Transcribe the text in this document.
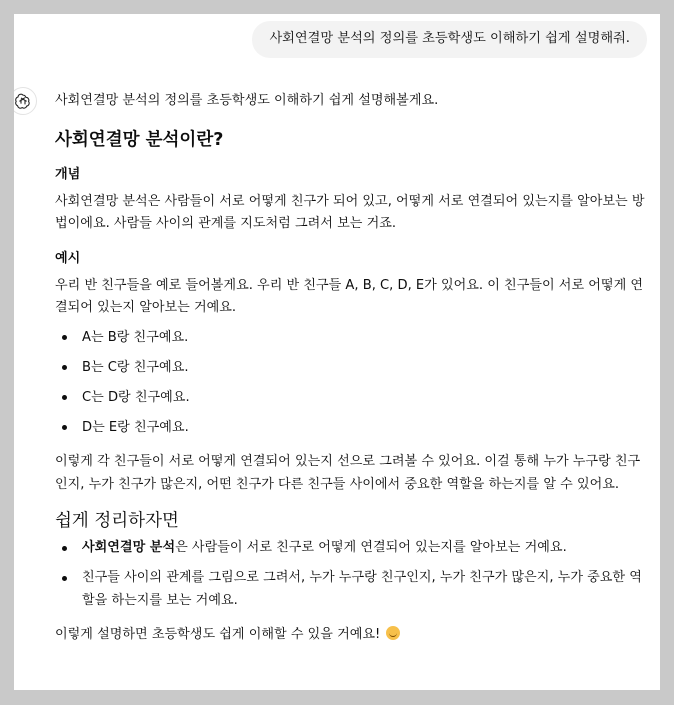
사회연결망 분석의 정의를 초등학생도 이해하기 쉽게 설명해줘.

사회연결망 분석의 정의를 초등학생도 이해하기 쉽게 설명해볼게요.

사회연결망 분석이란?
개념

사회연결망 분석은 사람들이 서로 어떻게 친구가 되어 있고, 어떻게 서로 연결되어 있는지를 알아보는 방법이에요. 사람들 사이의 관계를 지도처럼 그려서 보는 거죠.

예시

우리 반 친구들을 예로 들어볼게요. 우리 반 친구들 A, B, C, D, E가 있어요. 이 친구들이 서로 어떻게 연결되어 있는지 알아보는 거예요.

A는 B랑 친구예요.
B는 C랑 친구예요.
C는 D랑 친구예요.
D는 E랑 친구예요.

이렇게 각 친구들이 서로 어떻게 연결되어 있는지 선으로 그려볼 수 있어요. 이걸 통해 누가 누구랑 친구인지, 누가 친구가 많은지, 어떤 친구가 다른 친구들 사이에서 중요한 역할을 하는지를 알 수 있어요.

쉽게 정리하자면
사회연결망 분석은 사람들이 서로 친구로 어떻게 연결되어 있는지를 알아보는 거예요.
친구들 사이의 관계를 그림으로 그려서, 누가 누구랑 친구인지, 누가 친구가 많은지, 누가 중요한 역할을 하는지를 보는 거예요.

이렇게 설명하면 초등학생도 쉽게 이해할 수 있을 거예요!
